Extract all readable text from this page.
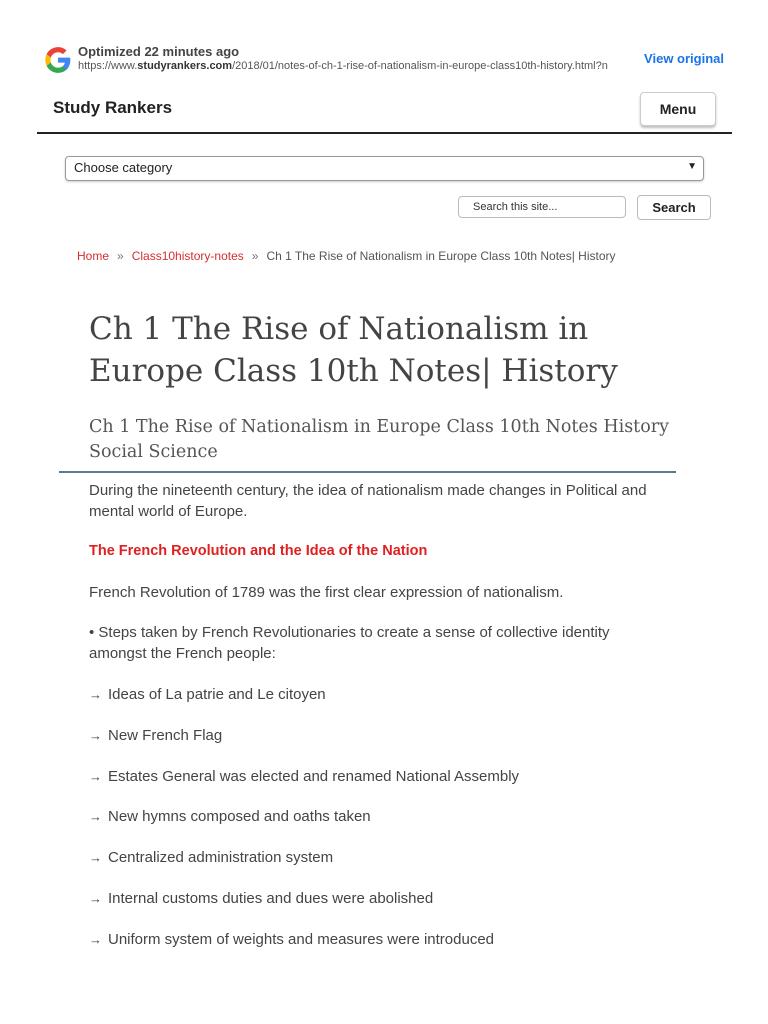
Optimized 22 minutes ago
https://www.studyrankers.com/2018/01/notes-of-ch-1-rise-of-nationalism-in-europe-class10th-history.html?n	View original
Study Rankers	Menu
Choose category	▼
Search this site...
Search
Home » Class10history-notes » Ch 1 The Rise of Nationalism in Europe Class 10th Notes| History
Ch 1 The Rise of Nationalism in Europe Class 10th Notes| History
Ch 1 The Rise of Nationalism in Europe Class 10th Notes History Social Science

During the nineteenth century, the idea of nationalism made changes in Political and mental world of Europe.

The French Revolution and the Idea of the Nation

French Revolution of 1789 was the first clear expression of nationalism.

• Steps taken by French Revolutionaries to create a sense of collective identity amongst the French people:

→ Ideas of La patrie and Le citoyen
→ New French Flag
→ Estates General was elected and renamed National Assembly
→ New hymns composed and oaths taken
→ Centralized administration system
→ Internal customs duties and dues were abolished
→ Uniform system of weights and measures were introduced
